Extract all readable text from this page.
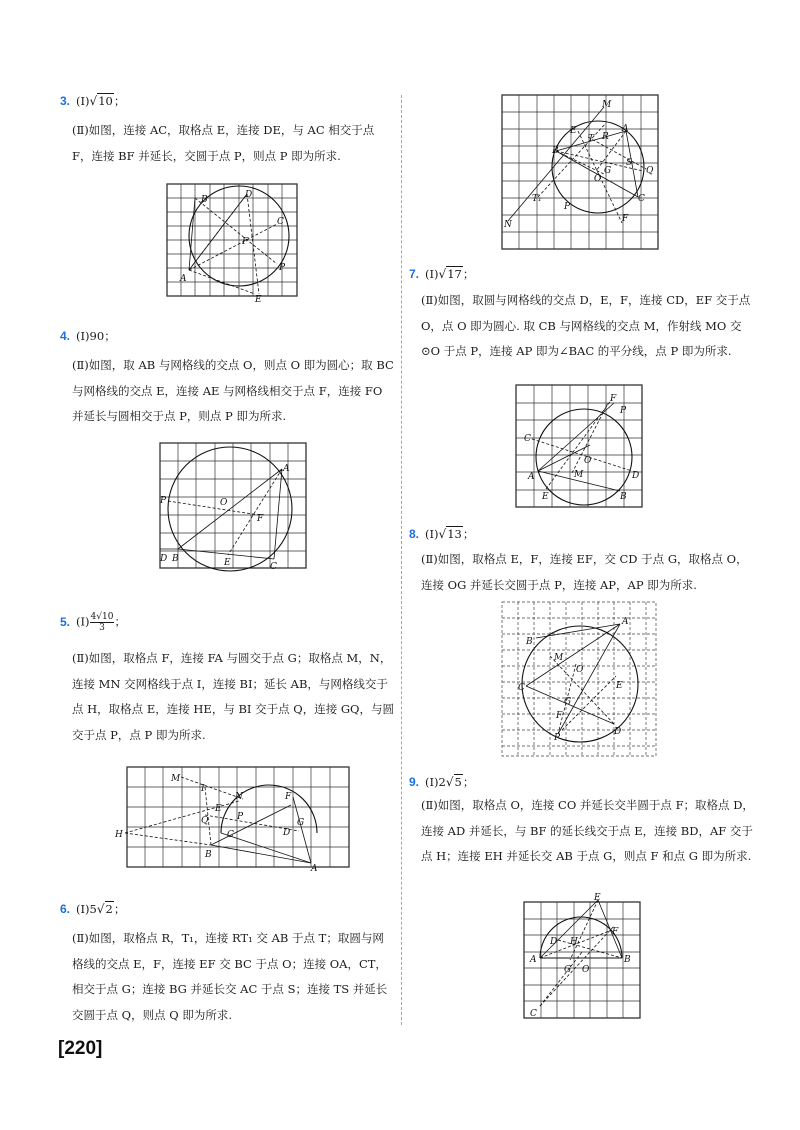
3. (Ⅰ)√10；
(Ⅱ)如图，连接 AC，取格点 E，连接 DE，与 AC 相交于点 F，连接 BF 并延长，交圆于点 P，则点 P 即为所求.
B	D
C
F
P
A
E
4. (Ⅰ)90；
(Ⅱ)如图，取 AB 与网格线的交点 O，则点 O 即为圆心；取 BC 与网格线的交点 E，连接 AE 与网格线相交于点 F，连接 FO 并延长与圆相交于点 P，则点 P 即为所求.
A
P	O
F
D B	E	C
5. (Ⅰ) $\frac{4√10}{3}$ ；
(Ⅱ)如图，取格点 F，连接 FA 与圆交于点 G；取格点 M，N，连接 MN 交网格线于点 I，连接 BI；延长 AB，与网格线交于点 H，取格点 E，连接 HE，与 BI 交于点 Q，连接 GQ，与圆交于点 P，点 P 即为所求.
M
I
N
E
F
Q	P
G
H	C	D
B
A
6. (Ⅰ)5√2；
(Ⅱ)如图，取格点 R，T₁，连接 RT₁ 交 AB 于点 T；取圆与网格线的交点 E，F，连接 EF 交 BC 于点 O；连接 OA，CT，相交于点 G；连接 BG 并延长交 AC 于点 S；连接 TS 并延长交圆于点 Q，则点 Q 即为所求.
M
E
T R
A
B
S
Q
G
O
C
T₁
P
F
N
7. (Ⅰ)√17；
(Ⅱ)如图，取圆与网格线的交点 D，E，F，连接 CD，EF 交于点 O，点 O 即为圆心. 取 CB 与网格线的交点 M，作射线 MO 交⊙O 于点 P，连接 AP 即为∠BAC 的平分线，点 P 即为所求.
F
P
C
O
A	M	D
E	B
8. (Ⅰ)√13；
(Ⅱ)如图，取格点 E，F，连接 EF，交 CD 于点 G，取格点 O，连接 OG 并延长交圆于点 P，连接 AP，AP 即为所求.
A
B
M
O
E
C
G
F
D
P
9. (Ⅰ)2√5；
(Ⅱ)如图，取格点 O，连接 CO 并延长交半圆于点 F；取格点 D，连接 AD 并延长，与 BF 的延长线交于点 E，连接 BD，AF 交于点 H；连接 EH 并延长交 AB 于点 G，则点 F 和点 G 即为所求.
E
F
D H
A	B
G O
C
[220]
